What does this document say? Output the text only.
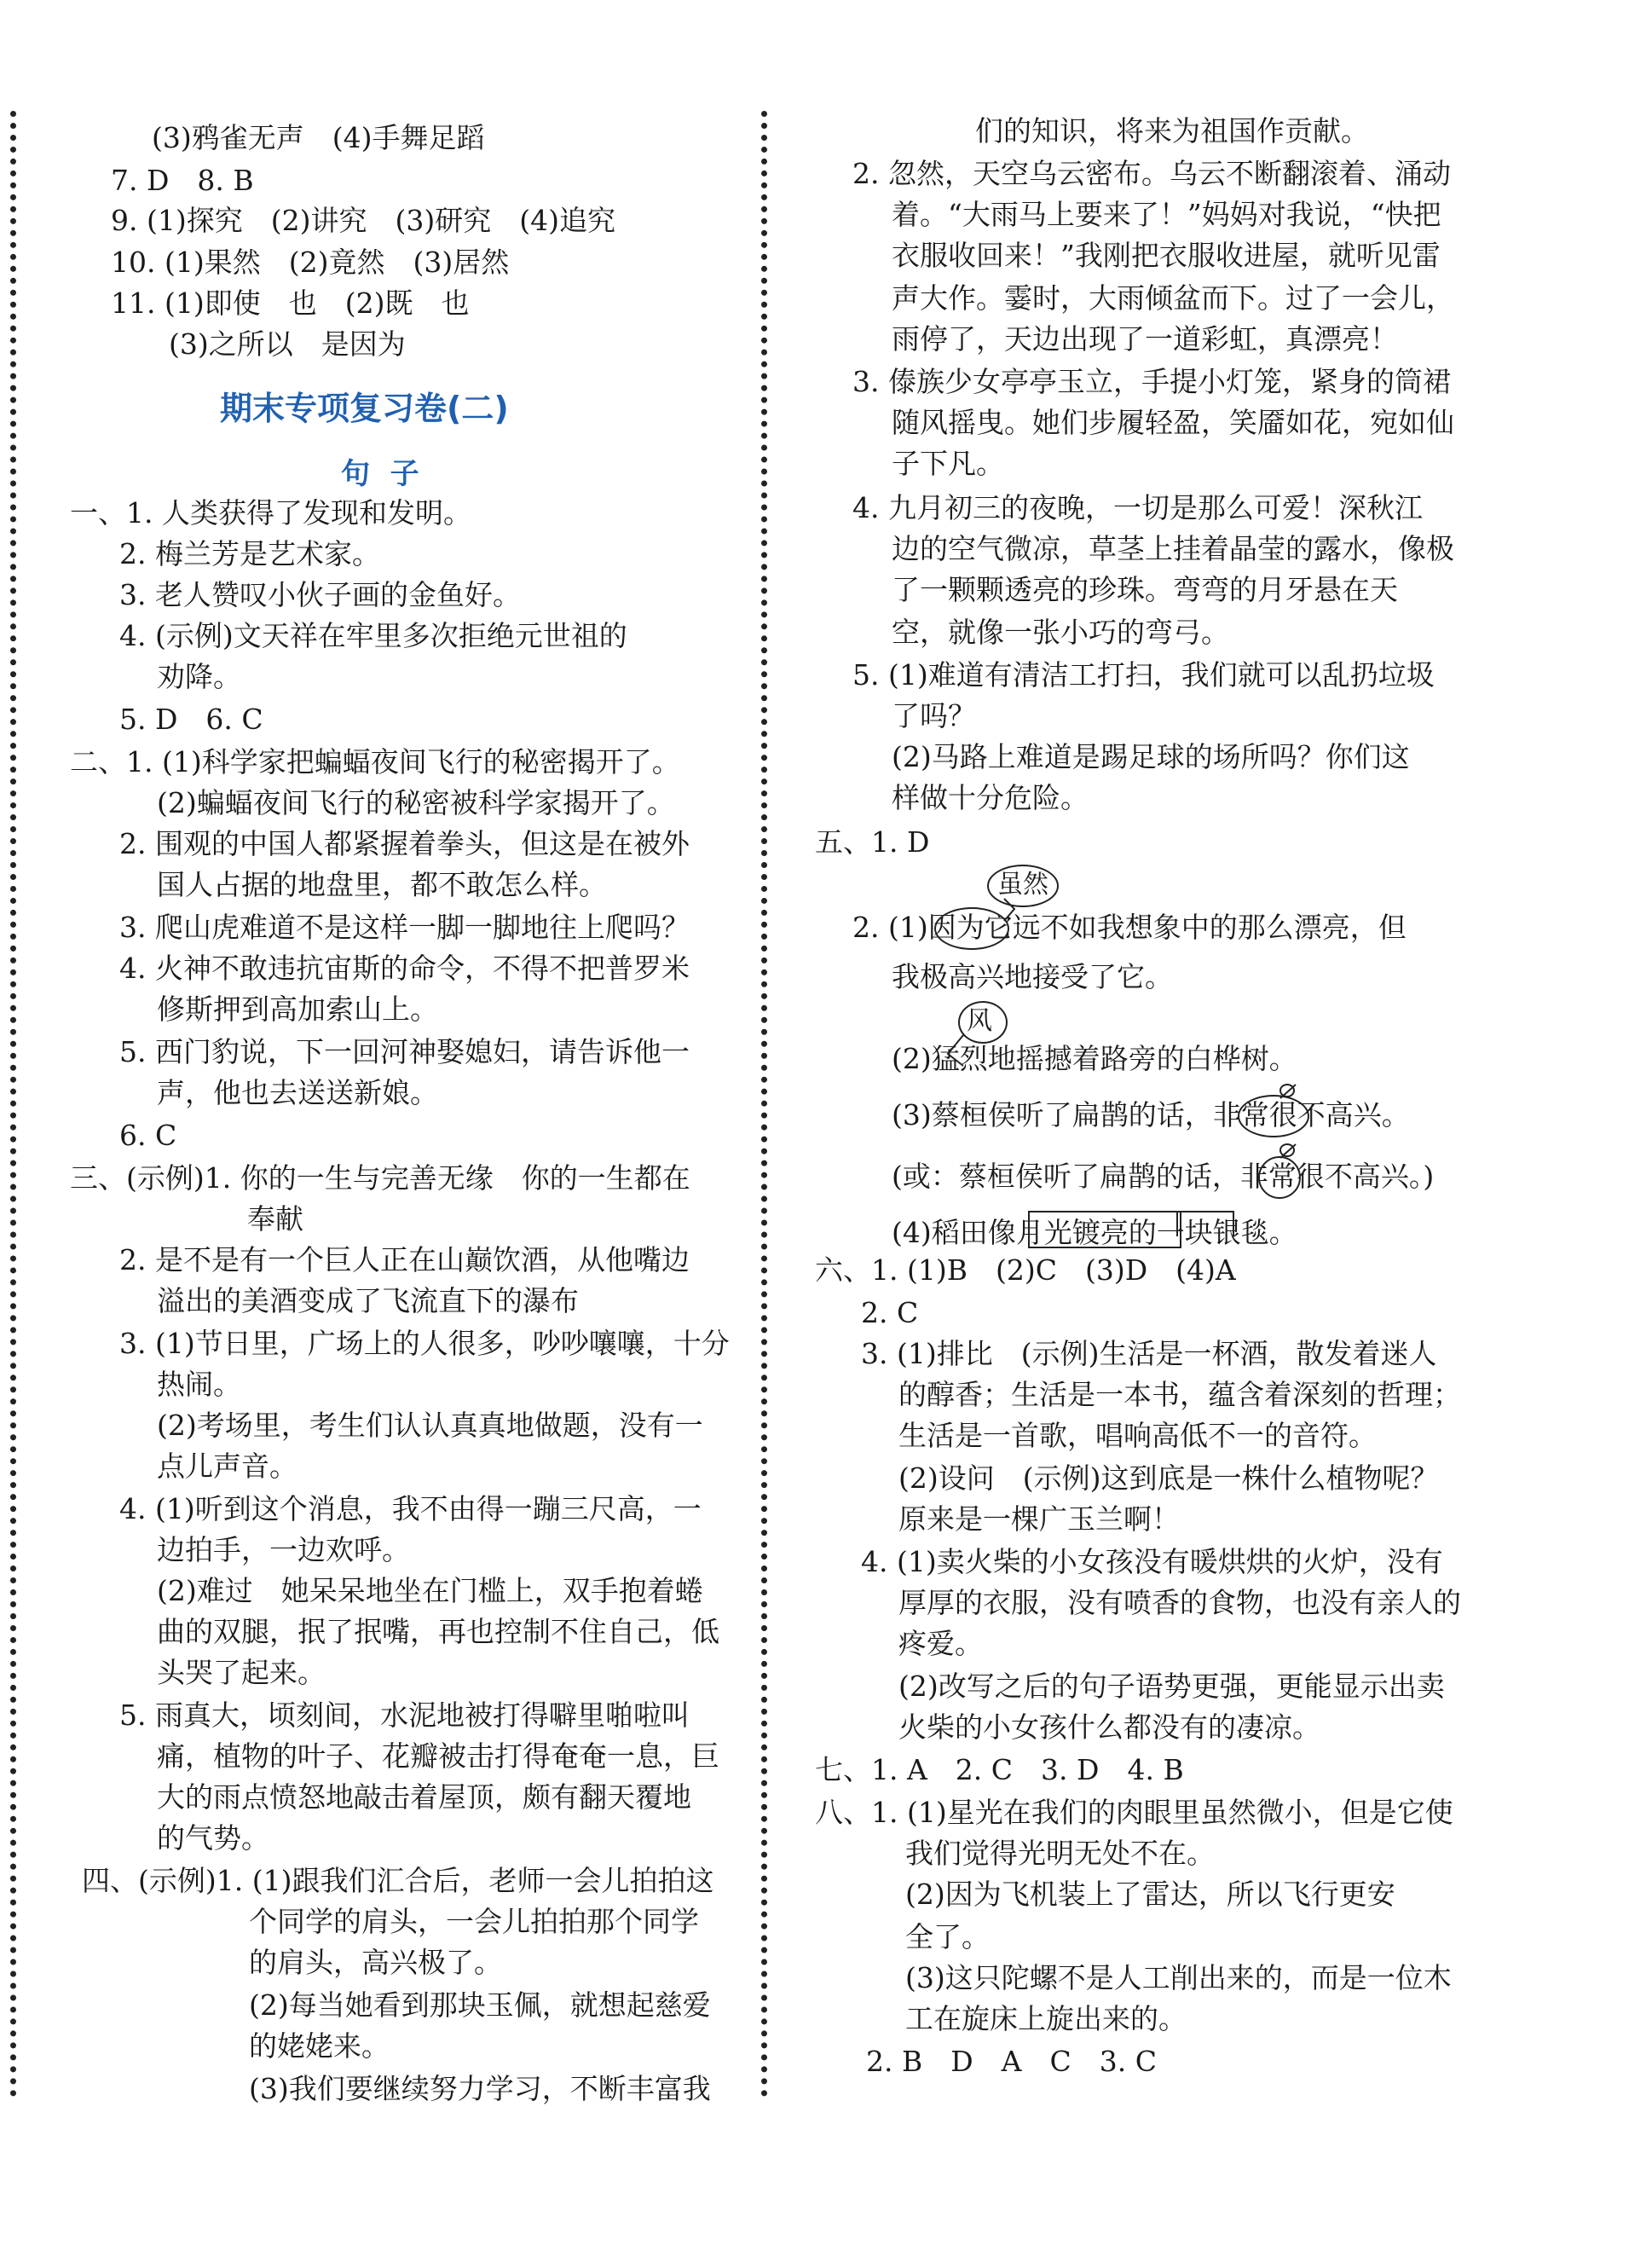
期末专项复习卷(二)
句  子
(3)鸦雀无声　(4)手舞足蹈
7. D　8. B
9. (1)探究　(2)讲究　(3)研究　(4)追究
10. (1)果然　(2)竟然　(3)居然
11. (1)即使　也　(2)既　也
(3)之所以　是因为
一、1. 人类获得了发现和发明。
2. 梅兰芳是艺术家。
3. 老人赞叹小伙子画的金鱼好。
4. (示例)文天祥在牢里多次拒绝元世祖的
劝降。
5. D　6. C
二、1. (1)科学家把蝙蝠夜间飞行的秘密揭开了。
(2)蝙蝠夜间飞行的秘密被科学家揭开了。
2. 围观的中国人都紧握着拳头，但这是在被外
国人占据的地盘里，都不敢怎么样。
3. 爬山虎难道不是这样一脚一脚地往上爬吗？
4. 火神不敢违抗宙斯的命令，不得不把普罗米
修斯押到高加索山上。
5. 西门豹说，下一回河神娶媳妇，请告诉他一
声，他也去送送新娘。
6. C
三、(示例)1. 你的一生与完善无缘　你的一生都在
奉献
2. 是不是有一个巨人正在山巅饮酒，从他嘴边
溢出的美酒变成了飞流直下的瀑布
3. (1)节日里，广场上的人很多，吵吵嚷嚷，十分
热闹。
(2)考场里，考生们认认真真地做题，没有一
点儿声音。
4. (1)听到这个消息，我不由得一蹦三尺高，一
边拍手，一边欢呼。
(2)难过　她呆呆地坐在门槛上，双手抱着蜷
曲的双腿，抿了抿嘴，再也控制不住自己，低
头哭了起来。
5. 雨真大，顷刻间，水泥地被打得噼里啪啦叫
痛，植物的叶子、花瓣被击打得奄奄一息，巨
大的雨点愤怒地敲击着屋顶，颇有翻天覆地
的气势。
四、(示例)1. (1)跟我们汇合后，老师一会儿拍拍这
个同学的肩头，一会儿拍拍那个同学
的肩头，高兴极了。
(2)每当她看到那块玉佩，就想起慈爱
的姥姥来。
(3)我们要继续努力学习，不断丰富我
们的知识，将来为祖国作贡献。
2. 忽然，天空乌云密布。乌云不断翻滚着、涌动
着。“大雨马上要来了！”妈妈对我说，“快把
衣服收回来！”我刚把衣服收进屋，就听见雷
声大作。霎时，大雨倾盆而下。过了一会儿，
雨停了，天边出现了一道彩虹，真漂亮！
3. 傣族少女亭亭玉立，手提小灯笼，紧身的筒裙
随风摇曳。她们步履轻盈，笑靥如花，宛如仙
子下凡。
4. 九月初三的夜晚，一切是那么可爱！深秋江
边的空气微凉，草茎上挂着晶莹的露水，像极
了一颗颗透亮的珍珠。弯弯的月牙悬在天
空，就像一张小巧的弯弓。
5. (1)难道有清洁工打扫，我们就可以乱扔垃圾
了吗？
(2)马路上难道是踢足球的场所吗？你们这
样做十分危险。
五、1. D
虽然
2. (1)因为它远不如我想象中的那么漂亮，但
我极高兴地接受了它。
风
(2)猛烈地摇撼着路旁的白桦树。
(3)蔡桓侯听了扁鹊的话，非常很不高兴。
(或：蔡桓侯听了扁鹊的话，非常很不高兴。)
(4)稻田像月光镀亮的一块银毯。
六、1. (1)B　(2)C　(3)D　(4)A
2. C
3. (1)排比　(示例)生活是一杯酒，散发着迷人
的醇香；生活是一本书，蕴含着深刻的哲理；
生活是一首歌，唱响高低不一的音符。
(2)设问　(示例)这到底是一株什么植物呢？
原来是一棵广玉兰啊！
4. (1)卖火柴的小女孩没有暖烘烘的火炉，没有
厚厚的衣服，没有喷香的食物，也没有亲人的
疼爱。
(2)改写之后的句子语势更强，更能显示出卖
火柴的小女孩什么都没有的凄凉。
七、1. A　2. C　3. D　4. B
八、1. (1)星光在我们的肉眼里虽然微小，但是它使
我们觉得光明无处不在。
(2)因为飞机装上了雷达，所以飞行更安
全了。
(3)这只陀螺不是人工削出来的，而是一位木
工在旋床上旋出来的。
2. B　D　A　C　3. C
